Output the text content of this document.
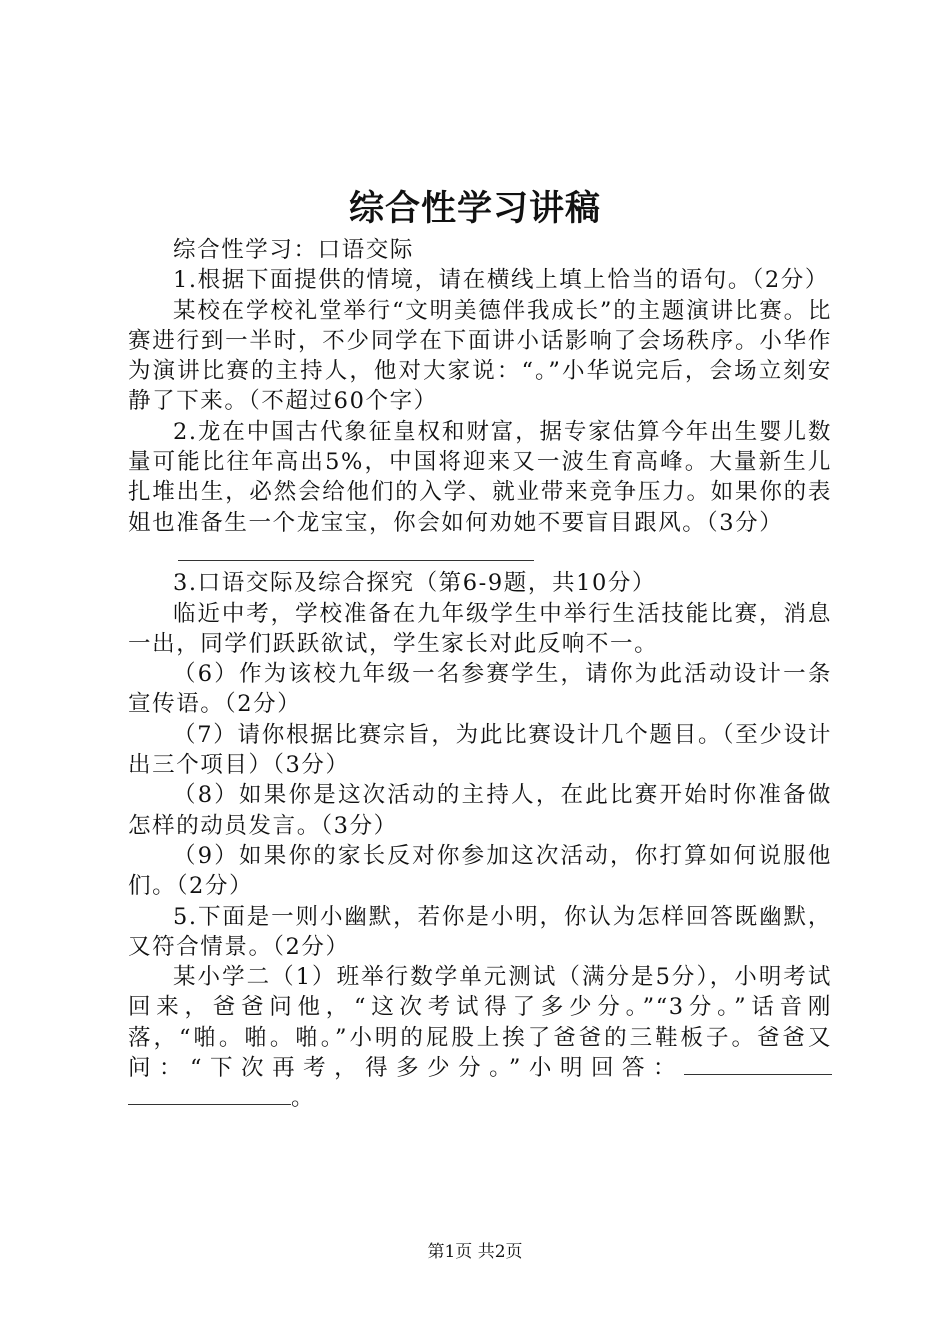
综合性学习讲稿

综合性学习：口语交际

1.根据下面提供的情境，请在横线上填上恰当的语句。（2分）

某校在学校礼堂举行“文明美德伴我成长”的主题演讲比赛。比赛进行到一半时，不少同学在下面讲小话影响了会场秩序。小华作为演讲比赛的主持人，他对大家说：“。”小华说完后，会场立刻安静了下来。（不超过60个字）

2.龙在中国古代象征皇权和财富，据专家估算今年出生婴儿数量可能比往年高出5%，中国将迎来又一波生育高峰。大量新生儿扎堆出生，必然会给他们的入学、就业带来竞争压力。如果你的表姐也准备生一个龙宝宝，你会如何劝她不要盲目跟风。（3分）

3.口语交际及综合探究（第6-9题，共10分）

临近中考，学校准备在九年级学生中举行生活技能比赛，消息一出，同学们跃跃欲试，学生家长对此反响不一。

（6）作为该校九年级一名参赛学生，请你为此活动设计一条宣传语。（2分）

（7）请你根据比赛宗旨，为此比赛设计几个题目。（至少设计出三个项目）（3分）

（8）如果你是这次活动的主持人，在此比赛开始时你准备做怎样的动员发言。（3分）

（9）如果你的家长反对你参加这次活动，你打算如何说服他们。（2分）

5.下面是一则小幽默，若你是小明，你认为怎样回答既幽默，又符合情景。（2分）

某小学二（1）班举行数学单元测试（满分是5分），小明考试回来，爸爸问他，“这次考试得了多少分。”“3分。”话音刚落，“啪。啪。啪。”小明的屁股上挨了爸爸的三鞋板子。爸爸又问：“下次再考，得多少分。”小明回答：。

第1页 共2页
